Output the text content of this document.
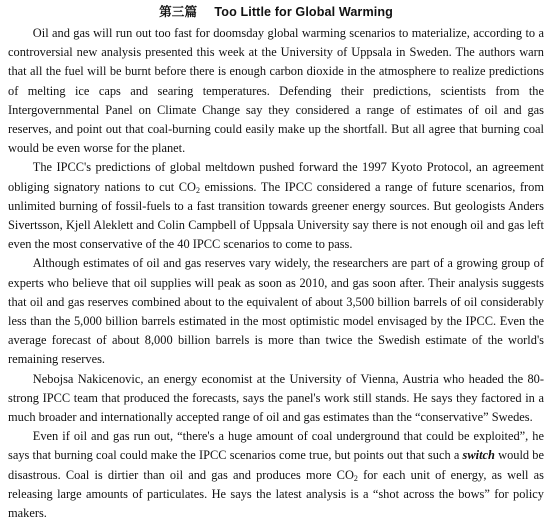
第三篇 Too Little for Global Warming

Oil and gas will run out too fast for doomsday global warming scenarios to materialize, according to a controversial new analysis presented this week at the University of Uppsala in Sweden. The authors warn that all the fuel will be burnt before there is enough carbon dioxide in the atmosphere to realize predictions of melting ice caps and searing temperatures. Defending their predictions, scientists from the Intergovernmental Panel on Climate Change say they considered a range of estimates of oil and gas reserves, and point out that coal-burning could easily make up the shortfall. But all agree that burning coal would be even worse for the planet.

The IPCC's predictions of global meltdown pushed forward the 1997 Kyoto Protocol, an agreement obliging signatory nations to cut $CO_2$ emissions. The IPCC considered a range of future scenarios, from unlimited burning of fossil-fuels to a fast transition towards greener energy sources. But geologists Anders Sivertsson, Kjell Aleklett and Colin Campbell of Uppsala University say there is not enough oil and gas left even the most conservative of the 40 IPCC scenarios to come to pass.

Although estimates of oil and gas reserves vary widely, the researchers are part of a growing group of experts who believe that oil supplies will peak as soon as 2010, and gas soon after. Their analysis suggests that oil and gas reserves combined about to the equivalent of about 3,500 billion barrels of oil considerably less than the 5,000 billion barrels estimated in the most optimistic model envisaged by the IPCC. Even the average forecast of about 8,000 billion barrels is more than twice the Swedish estimate of the world's remaining reserves.

Nebojsa Nakicenovic, an energy economist at the University of Vienna, Austria who headed the 80-strong IPCC team that produced the forecasts, says the panel's work still stands. He says they factored in a much broader and internationally accepted range of oil and gas estimates than the “conservative” Swedes.

Even if oil and gas run out, “there's a huge amount of coal underground that could be exploited”, he says that burning coal could make the IPCC scenarios come true, but points out that such a switch would be disastrous. Coal is dirtier than oil and gas and produces more $CO_2$ for each unit of energy, as well as releasing large amounts of particulates. He says the latest analysis is a “shot across the bows” for policy makers.
